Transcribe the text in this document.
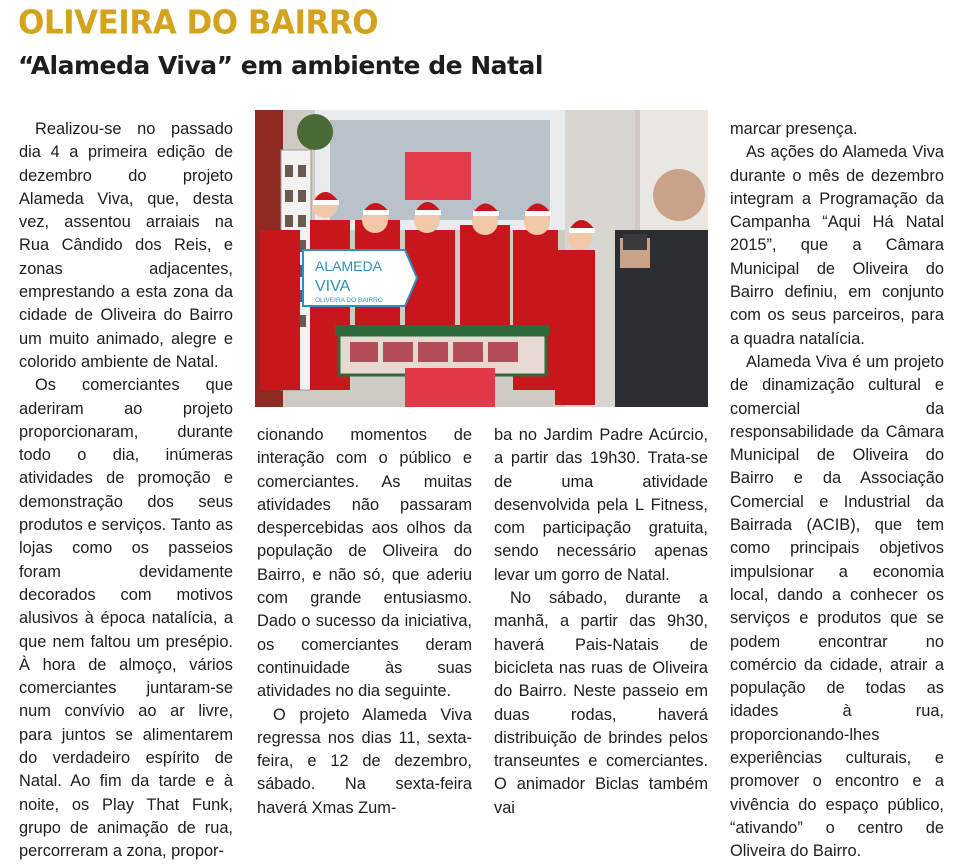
OLIVEIRA DO BAIRRO
“Alameda Viva” em ambiente de Natal

Realizou-se no passado dia 4 a primeira edição de dezembro do projeto Alameda Viva, que, desta vez, assentou arraiais na Rua Cândido dos Reis, e zonas adjacentes, emprestando a esta zona da cidade de Oliveira do Bairro um muito animado, alegre e colorido ambiente de Natal.

Os comerciantes que aderiram ao projeto proporcionaram, durante todo o dia, inúmeras atividades de promoção e demonstração dos seus produtos e serviços. Tanto as lojas como os passeios foram devidamente decorados com motivos alusivos à época natalícia, a que nem faltou um presépio. À hora de almoço, vários comerciantes juntaram-se num convívio ao ar livre, para juntos se alimentarem do verdadeiro espírito de Natal. Ao fim da tarde e à noite, os Play That Funk, grupo de animação de rua, percorreram a zona, propor-

ALAMEDA
VIVA
OLIVEIRA DO BAIRRO

cionando momentos de interação com o público e comerciantes. As muitas atividades não passaram despercebidas aos olhos da população de Oliveira do Bairro, e não só, que aderiu com grande entusiasmo. Dado o sucesso da iniciativa, os comerciantes deram continuidade às suas atividades no dia seguinte.

O projeto Alameda Viva regressa nos dias 11, sexta-feira, e 12 de dezembro, sábado. Na sexta-feira haverá Xmas Zum-

ba no Jardim Padre Acúrcio, a partir das 19h30. Trata-se de uma atividade desenvolvida pela L Fitness, com participação gratuita, sendo necessário apenas levar um gorro de Natal.

No sábado, durante a manhã, a partir das 9h30, haverá Pais-Natais de bicicleta nas ruas de Oliveira do Bairro. Neste passeio em duas rodas, haverá distribuição de brindes pelos transeuntes e comerciantes. O animador Biclas também vai

marcar presença.

As ações do Alameda Viva durante o mês de dezembro integram a Programação da Campanha “Aqui Há Natal 2015”, que a Câmara Municipal de Oliveira do Bairro definiu, em conjunto com os seus parceiros, para a quadra natalícia.

Alameda Viva é um projeto de dinamização cultural e comercial da responsabilidade da Câmara Municipal de Oliveira do Bairro e da Associação Comercial e Industrial da Bairrada (ACIB), que tem como principais objetivos impulsionar a economia local, dando a conhecer os serviços e produtos que se podem encontrar no comércio da cidade, atrair a população de todas as idades à rua, proporcionando-lhes experiências culturais, e promover o encontro e a vivência do espaço público, “ativando” o centro de Oliveira do Bairro.
